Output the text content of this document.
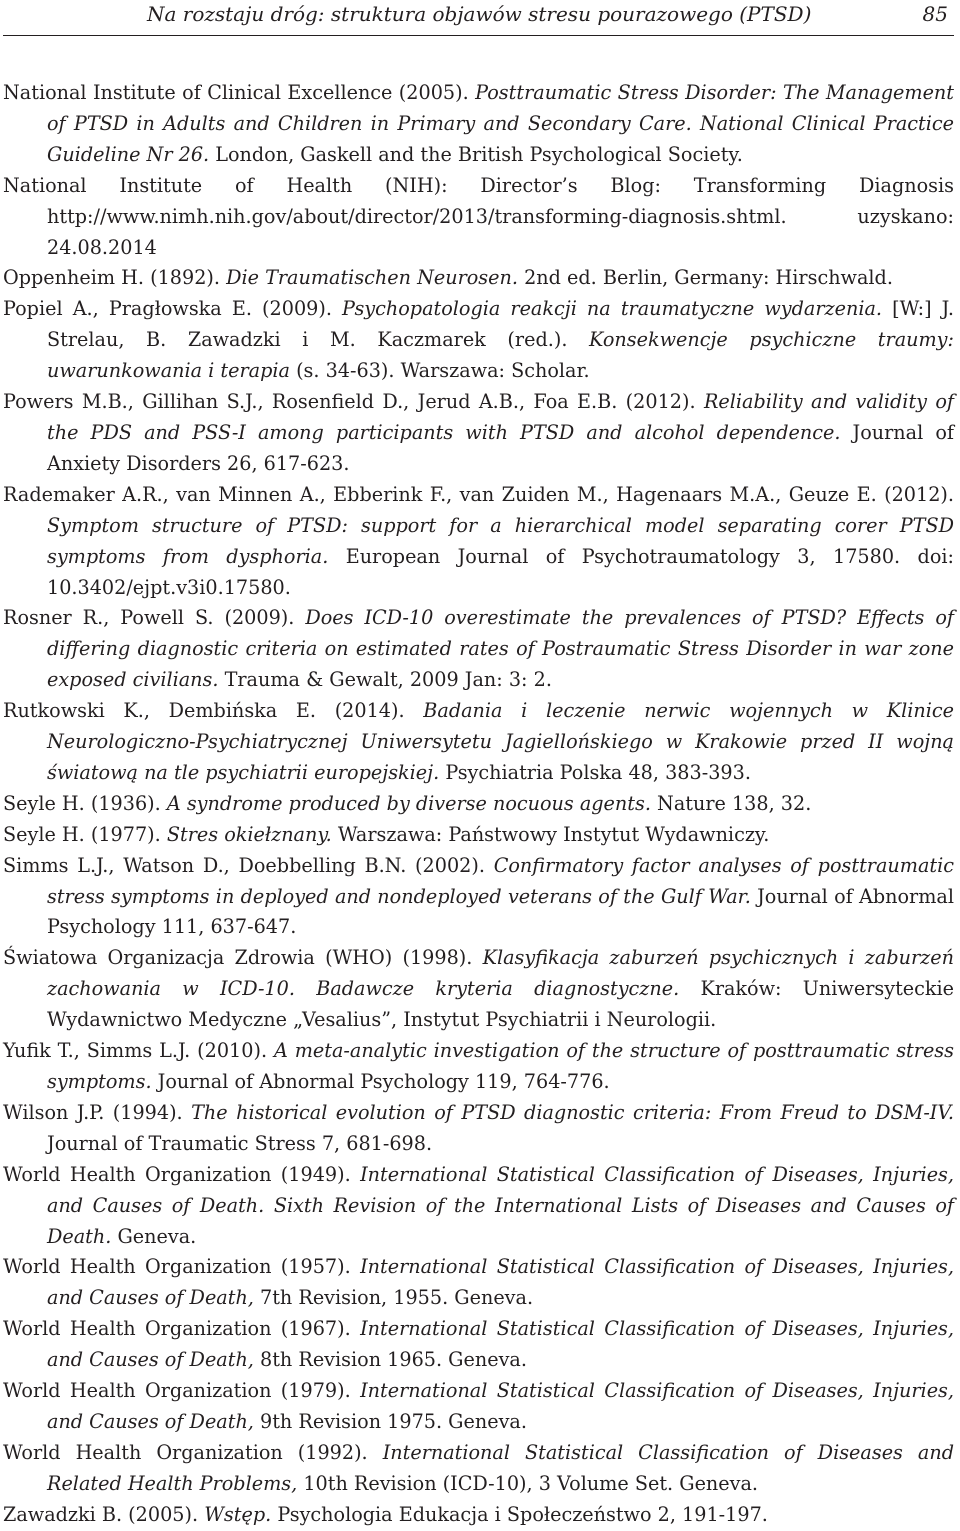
Na rozstaju dróg: struktura objawów stresu pourazowego (PTSD)	85
National Institute of Clinical Excellence (2005). Posttraumatic Stress Disorder: The Management of PTSD in Adults and Children in Primary and Secondary Care. National Clinical Practice Guideline Nr 26. London, Gaskell and the British Psychological Society.
National Institute of Health (NIH): Director’s Blog: Transforming Diagnosis http://www.nimh.nih.gov/about/director/2013/transforming-diagnosis.shtml. uzyskano: 24.08.2014
Oppenheim H. (1892). Die Traumatischen Neurosen. 2nd ed. Berlin, Germany: Hirschwald.
Popiel A., Pragłowska E. (2009). Psychopatologia reakcji na traumatyczne wydarzenia. [W:] J. Strelau, B. Zawadzki i M. Kaczmarek (red.). Konsekwencje psychiczne traumy: uwarunkowania i terapia (s. 34-63). Warszawa: Scholar.
Powers M.B., Gillihan S.J., Rosenfield D., Jerud A.B., Foa E.B. (2012). Reliability and validity of the PDS and PSS-I among participants with PTSD and alcohol dependence. Journal of Anxiety Disorders 26, 617-623.
Rademaker A.R., van Minnen A., Ebberink F., van Zuiden M., Hagenaars M.A., Geuze E. (2012). Symptom structure of PTSD: support for a hierarchical model separating corer PTSD symptoms from dysphoria. European Journal of Psychotraumatology 3, 17580. doi: 10.3402/ejpt.v3i0.17580.
Rosner R., Powell S. (2009). Does ICD-10 overestimate the prevalences of PTSD? Effects of differing diagnostic criteria on estimated rates of Postraumatic Stress Disorder in war zone exposed civilians. Trauma & Gewalt, 2009 Jan: 3: 2.
Rutkowski K., Dembińska E. (2014). Badania i leczenie nerwic wojennych w Klinice Neurologiczno-Psychiatrycznej Uniwersytetu Jagiellońskiego w Krakowie przed II wojną światową na tle psychiatrii europejskiej. Psychiatria Polska 48, 383-393.
Seyle H. (1936). A syndrome produced by diverse nocuous agents. Nature 138, 32.
Seyle H. (1977). Stres okiełznany. Warszawa: Państwowy Instytut Wydawniczy.
Simms L.J., Watson D., Doebbelling B.N. (2002). Confirmatory factor analyses of posttraumatic stress symptoms in deployed and nondeployed veterans of the Gulf War. Journal of Abnormal Psychology 111, 637-647.
Światowa Organizacja Zdrowia (WHO) (1998). Klasyfikacja zaburzeń psychicznych i zaburzeń zachowania w ICD-10. Badawcze kryteria diagnostyczne. Kraków: Uniwersyteckie Wydawnictwo Medyczne „Vesalius”, Instytut Psychiatrii i Neurologii.
Yufik T., Simms L.J. (2010). A meta-analytic investigation of the structure of posttraumatic stress symptoms. Journal of Abnormal Psychology 119, 764-776.
Wilson J.P. (1994). The historical evolution of PTSD diagnostic criteria: From Freud to DSM-IV. Journal of Traumatic Stress 7, 681-698.
World Health Organization (1949). International Statistical Classification of Diseases, Injuries, and Causes of Death. Sixth Revision of the International Lists of Diseases and Causes of Death. Geneva.
World Health Organization (1957). International Statistical Classification of Diseases, Injuries, and Causes of Death, 7th Revision, 1955. Geneva.
World Health Organization (1967). International Statistical Classification of Diseases, Injuries, and Causes of Death, 8th Revision 1965. Geneva.
World Health Organization (1979). International Statistical Classification of Diseases, Injuries, and Causes of Death, 9th Revision 1975. Geneva.
World Health Organization (1992). International Statistical Classification of Diseases and Related Health Problems, 10th Revision (ICD-10), 3 Volume Set. Geneva.
Zawadzki B. (2005). Wstęp. Psychologia Edukacja i Społeczeństwo 2, 191-197.
